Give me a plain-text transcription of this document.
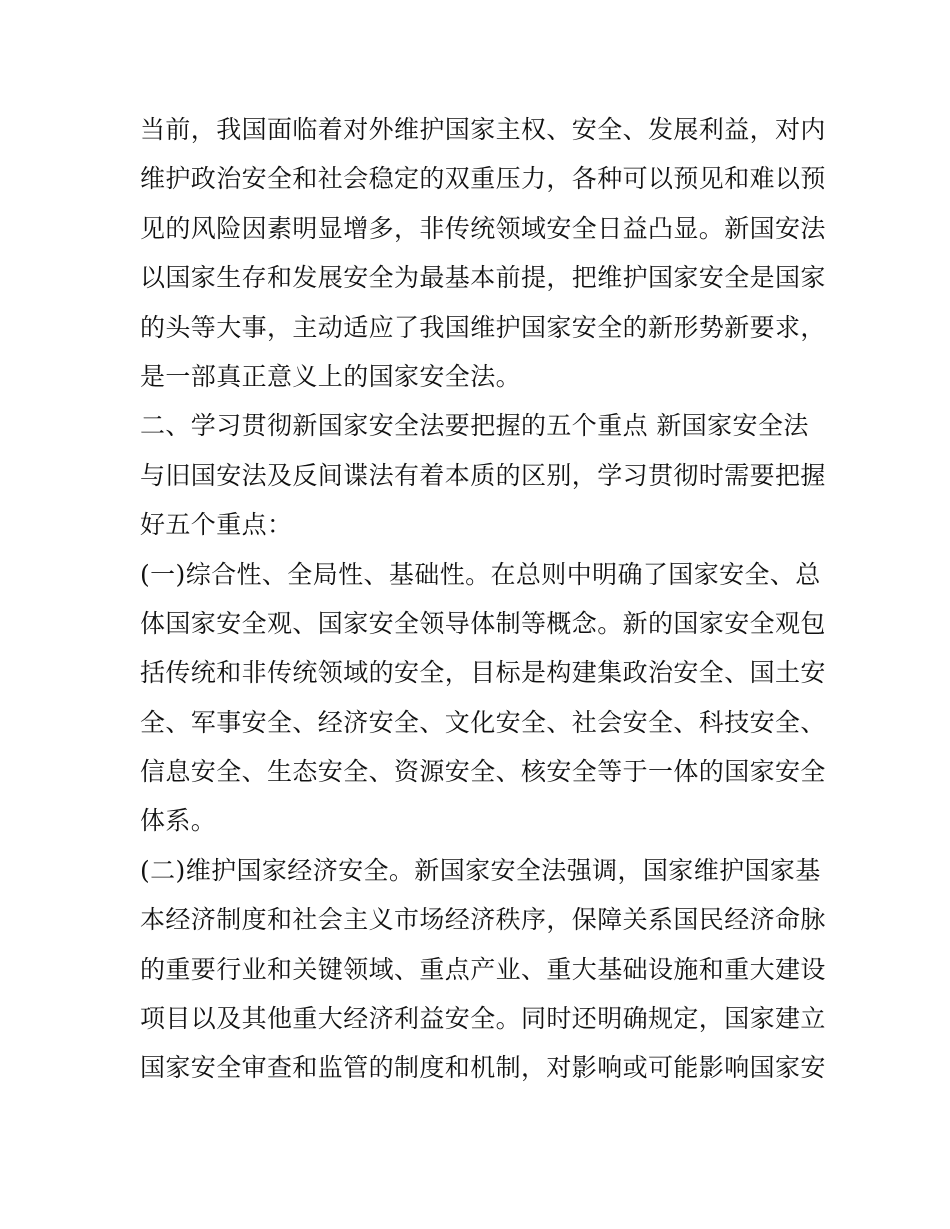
当前，我国面临着对外维护国家主权、安全、发展利益，对内
维护政治安全和社会稳定的双重压力，各种可以预见和难以预
见的风险因素明显增多，非传统领域安全日益凸显。新国安法
以国家生存和发展安全为最基本前提，把维护国家安全是国家
的头等大事，主动适应了我国维护国家安全的新形势新要求，
是一部真正意义上的国家安全法。
二、学习贯彻新国家安全法要把握的五个重点 新国家安全法
与旧国安法及反间谍法有着本质的区别，学习贯彻时需要把握
好五个重点：
(一)综合性、全局性、基础性。在总则中明确了国家安全、总
体国家安全观、国家安全领导体制等概念。新的国家安全观包
括传统和非传统领域的安全，目标是构建集政治安全、国土安
全、军事安全、经济安全、文化安全、社会安全、科技安全、
信息安全、生态安全、资源安全、核安全等于一体的国家安全
体系。
(二)维护国家经济安全。新国家安全法强调，国家维护国家基
本经济制度和社会主义市场经济秩序，保障关系国民经济命脉
的重要行业和关键领域、重点产业、重大基础设施和重大建设
项目以及其他重大经济利益安全。同时还明确规定，国家建立
国家安全审查和监管的制度和机制，对影响或可能影响国家安
